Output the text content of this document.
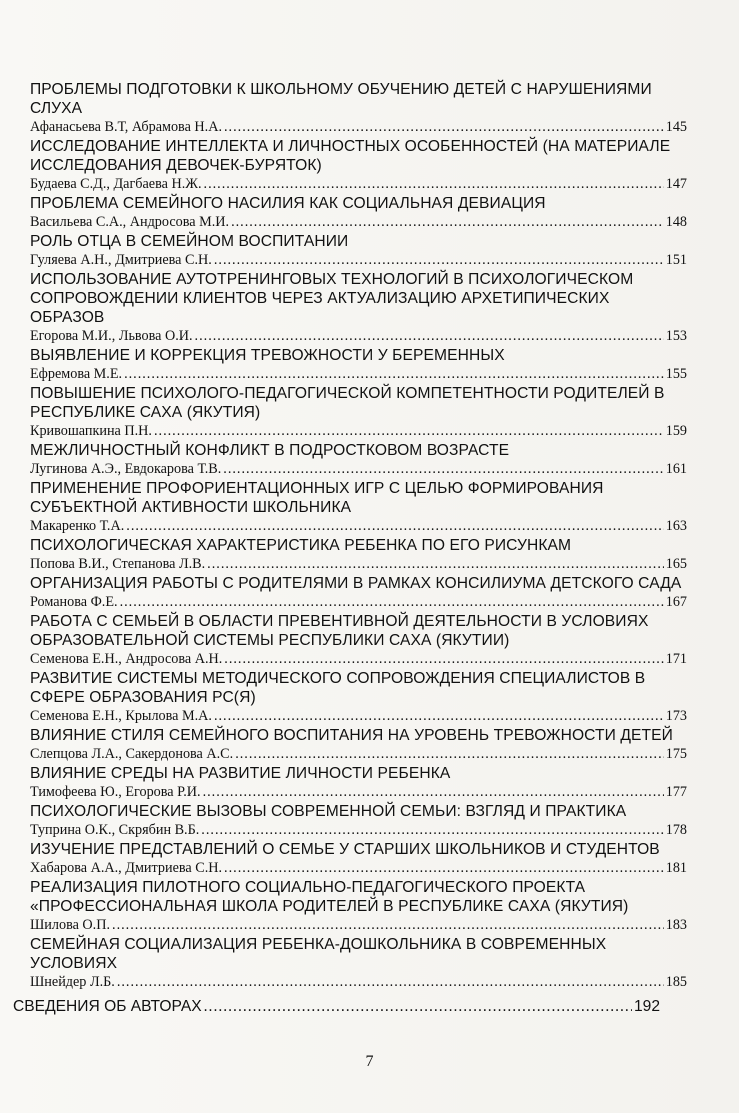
ПРОБЛЕМЫ ПОДГОТОВКИ К ШКОЛЬНОМУ ОБУЧЕНИЮ ДЕТЕЙ С НАРУШЕНИЯМИ СЛУХА
Афанасьева В.Т, Абрамова Н.А. .....	145
ИССЛЕДОВАНИЕ ИНТЕЛЛЕКТА И ЛИЧНОСТНЫХ ОСОБЕННОСТЕЙ (НА МАТЕРИАЛЕ ИССЛЕДОВАНИЯ ДЕВОЧЕК-БУРЯТОК)
Будаева С.Д., Дагбаева Н.Ж. .....	147
ПРОБЛЕМА СЕМЕЙНОГО НАСИЛИЯ КАК СОЦИАЛЬНАЯ ДЕВИАЦИЯ
Васильева С.А., Андросова М.И. .....	148
РОЛЬ ОТЦА В СЕМЕЙНОМ ВОСПИТАНИИ
Гуляева А.Н., Дмитриева С.Н. .....	151
ИСПОЛЬЗОВАНИЕ АУТОТРЕНИНГОВЫХ ТЕХНОЛОГИЙ В ПСИХОЛОГИЧЕСКОМ СОПРОВОЖДЕНИИ КЛИЕНТОВ ЧЕРЕЗ АКТУАЛИЗАЦИЮ АРХЕТИПИЧЕСКИХ ОБРАЗОВ
Егорова М.И., Львова О.И. .....	153
ВЫЯВЛЕНИЕ И КОРРЕКЦИЯ ТРЕВОЖНОСТИ У БЕРЕМЕННЫХ
Ефремова М.Е. .....	155
ПОВЫШЕНИЕ ПСИХОЛОГО-ПЕДАГОГИЧЕСКОЙ КОМПЕТЕНТНОСТИ РОДИТЕЛЕЙ В РЕСПУБЛИКЕ САХА (ЯКУТИЯ)
Кривошапкина П.Н. .....	159
МЕЖЛИЧНОСТНЫЙ КОНФЛИКТ В ПОДРОСТКОВОМ ВОЗРАСТЕ
Лугинова А.Э., Евдокарова Т.В. .....	161
ПРИМЕНЕНИЕ ПРОФОРИЕНТАЦИОННЫХ ИГР С ЦЕЛЬЮ ФОРМИРОВАНИЯ СУБЪЕКТНОЙ АКТИВНОСТИ ШКОЛЬНИКА
Макаренко Т.А. .....	163
ПСИХОЛОГИЧЕСКАЯ ХАРАКТЕРИСТИКА РЕБЕНКА ПО ЕГО РИСУНКАМ
Попова В.И., Степанова Л.В. .....	165
ОРГАНИЗАЦИЯ РАБОТЫ С РОДИТЕЛЯМИ В РАМКАХ КОНСИЛИУМА ДЕТСКОГО САДА
Романова Ф.Е. .....	167
РАБОТА С СЕМЬЕЙ В ОБЛАСТИ ПРЕВЕНТИВНОЙ ДЕЯТЕЛЬНОСТИ В УСЛОВИЯХ ОБРАЗОВАТЕЛЬНОЙ СИСТЕМЫ РЕСПУБЛИКИ САХА (ЯКУТИИ)
Семенова Е.Н., Андросова А.Н. .....	171
РАЗВИТИЕ СИСТЕМЫ МЕТОДИЧЕСКОГО СОПРОВОЖДЕНИЯ СПЕЦИАЛИСТОВ В СФЕРЕ ОБРАЗОВАНИЯ РС(Я)
Семенова Е.Н., Крылова М.А. .....	173
ВЛИЯНИЕ СТИЛЯ СЕМЕЙНОГО ВОСПИТАНИЯ НА УРОВЕНЬ ТРЕВОЖНОСТИ ДЕТЕЙ
Слепцова Л.А., Сакердонова А.С. .....	175
ВЛИЯНИЕ СРЕДЫ НА РАЗВИТИЕ ЛИЧНОСТИ РЕБЕНКА
Тимофеева Ю., Егорова Р.И. .....	177
ПСИХОЛОГИЧЕСКИЕ ВЫЗОВЫ СОВРЕМЕННОЙ СЕМЬИ: ВЗГЛЯД И ПРАКТИКА
Туприна О.К., Скрябин В.Б. .....	178
ИЗУЧЕНИЕ ПРЕДСТАВЛЕНИЙ О СЕМЬЕ У СТАРШИХ ШКОЛЬНИКОВ И СТУДЕНТОВ
Хабарова А.А., Дмитриева С.Н. .....	181
РЕАЛИЗАЦИЯ ПИЛОТНОГО СОЦИАЛЬНО-ПЕДАГОГИЧЕСКОГО ПРОЕКТА «ПРОФЕССИОНАЛЬНАЯ ШКОЛА РОДИТЕЛЕЙ В РЕСПУБЛИКЕ САХА (ЯКУТИЯ)
Шилова О.П. .....	183
СЕМЕЙНАЯ СОЦИАЛИЗАЦИЯ РЕБЕНКА-ДОШКОЛЬНИКА В СОВРЕМЕННЫХ УСЛОВИЯХ
Шнейдер Л.Б. .....	185
СВЕДЕНИЯ ОБ АВТОРАХ .....	192
7
